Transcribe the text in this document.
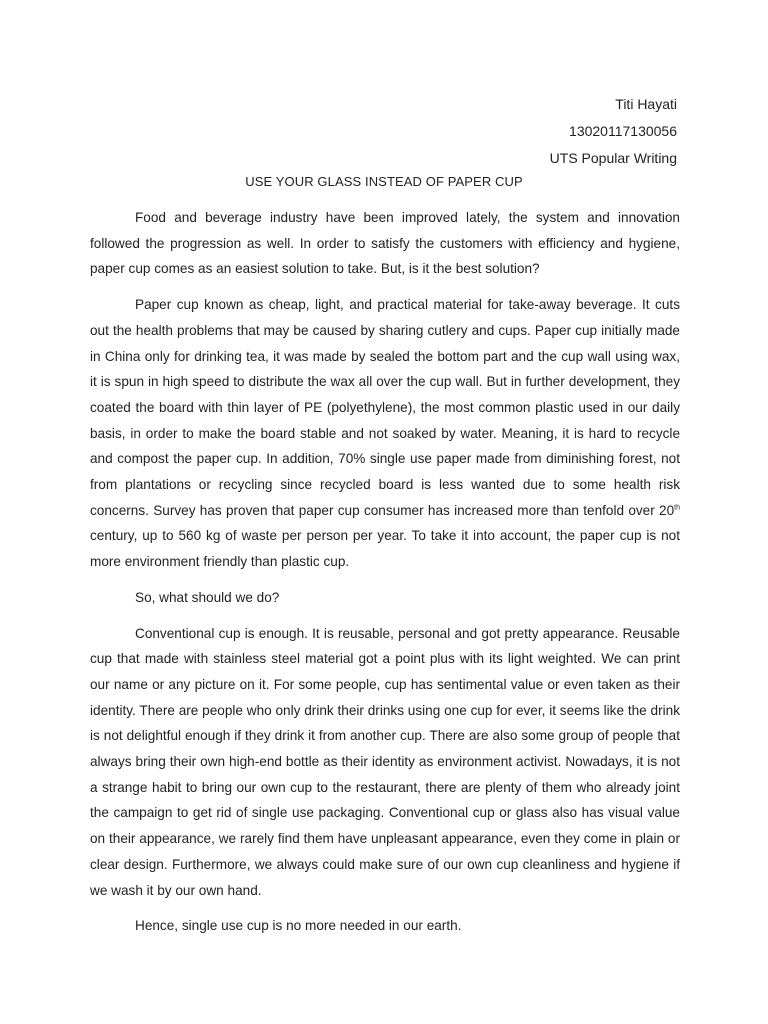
Titi Hayati
13020117130056
UTS Popular Writing
USE YOUR GLASS INSTEAD OF PAPER CUP

Food and beverage industry have been improved lately, the system and innovation followed the progression as well. In order to satisfy the customers with efficiency and hygiene, paper cup comes as an easiest solution to take. But, is it the best solution?

Paper cup known as cheap, light, and practical material for take-away beverage. It cuts out the health problems that may be caused by sharing cutlery and cups. Paper cup initially made in China only for drinking tea, it was made by sealed the bottom part and the cup wall using wax, it is spun in high speed to distribute the wax all over the cup wall. But in further development, they coated the board with thin layer of PE (polyethylene), the most common plastic used in our daily basis, in order to make the board stable and not soaked by water. Meaning, it is hard to recycle and compost the paper cup. In addition, 70% single use paper made from diminishing forest, not from plantations or recycling since recycled board is less wanted due to some health risk concerns. Survey has proven that paper cup consumer has increased more than tenfold over 20th century, up to 560 kg of waste per person per year. To take it into account, the paper cup is not more environment friendly than plastic cup.

So, what should we do?

Conventional cup is enough. It is reusable, personal and got pretty appearance. Reusable cup that made with stainless steel material got a point plus with its light weighted. We can print our name or any picture on it. For some people, cup has sentimental value or even taken as their identity. There are people who only drink their drinks using one cup for ever, it seems like the drink is not delightful enough if they drink it from another cup. There are also some group of people that always bring their own high-end bottle as their identity as environment activist. Nowadays, it is not a strange habit to bring our own cup to the restaurant, there are plenty of them who already joint the campaign to get rid of single use packaging. Conventional cup or glass also has visual value on their appearance, we rarely find them have unpleasant appearance, even they come in plain or clear design. Furthermore, we always could make sure of our own cup cleanliness and hygiene if we wash it by our own hand.

Hence, single use cup is no more needed in our earth.
